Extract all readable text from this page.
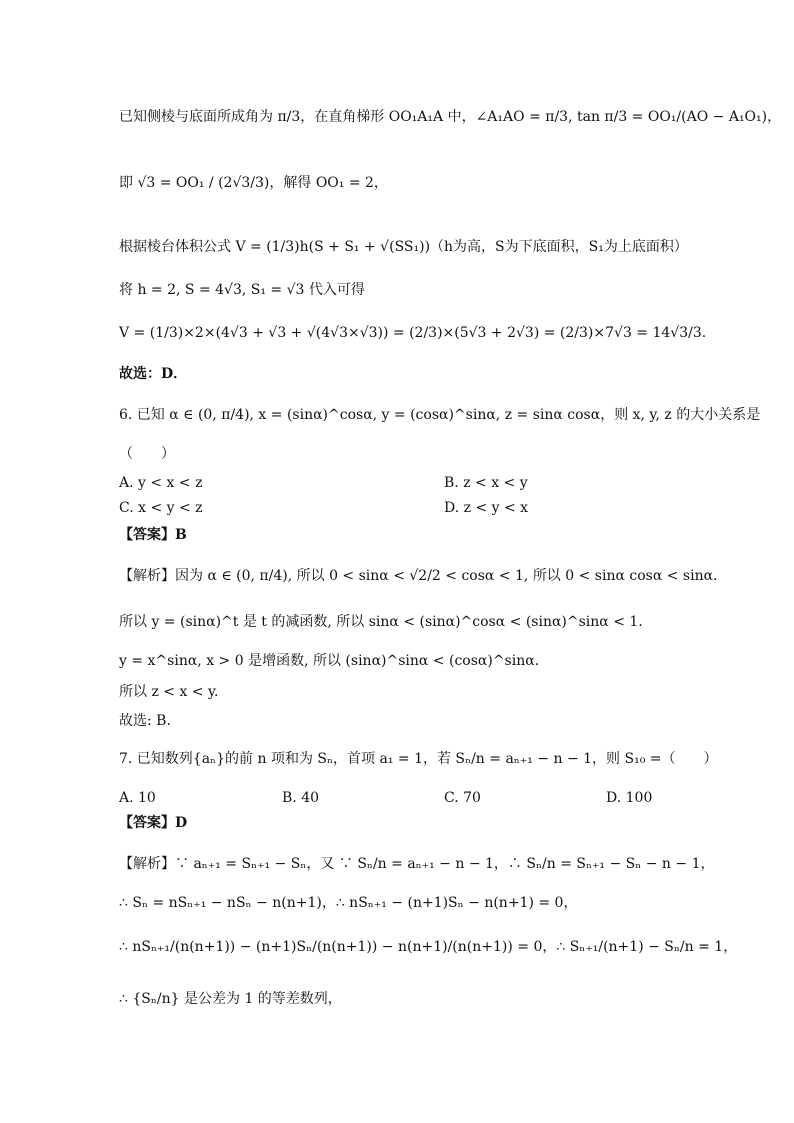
已知侧棱与底面所成角为 π/3，在直角梯形 OO₁A₁A 中，∠A₁AO = π/3, tan π/3 = OO₁/(AO − A₁O₁)，
即 √3 = OO₁ / (2√3/3)，解得 OO₁ = 2，
根据棱台体积公式 V = (1/3)h(S + S₁ + √(SS₁))（h为高，S为下底面积，S₁为上底面积）
将 h = 2, S = 4√3, S₁ = √3 代入可得
V = (1/3)×2×(4√3 + √3 + √(4√3×√3)) = (2/3)×(5√3 + 2√3) = (2/3)×7√3 = 14√3/3.
故选：D．
6. 已知 α ∈ (0, π/4), x = (sinα)^cosα, y = (cosα)^sinα, z = sinα cosα，则 x, y, z 的大小关系是
（　　）
A. y < x < z	B. z < x < y
C. x < y < z	D. z < y < x
【答案】B
【解析】因为 α ∈ (0, π/4), 所以 0 < sinα < √2/2 < cosα < 1, 所以 0 < sinα cosα < sinα.
所以 y = (sinα)^t 是 t 的减函数, 所以 sinα < (sinα)^cosα < (sinα)^sinα < 1.
y = x^sinα, x > 0 是增函数, 所以 (sinα)^sinα < (cosα)^sinα.
所以 z < x < y.
故选: B.
7. 已知数列{aₙ}的前 n 项和为 Sₙ，首项 a₁ = 1，若 Sₙ/n = aₙ₊₁ − n − 1，则 S₁₀ =（　　）
A. 10	B. 40	C. 70	D. 100
【答案】D
【解析】∵ aₙ₊₁ = Sₙ₊₁ − Sₙ，又 ∵ Sₙ/n = aₙ₊₁ − n − 1，∴ Sₙ/n = Sₙ₊₁ − Sₙ − n − 1，
∴ Sₙ = nSₙ₊₁ − nSₙ − n(n+1)，∴ nSₙ₊₁ − (n+1)Sₙ − n(n+1) = 0，
∴ nSₙ₊₁/(n(n+1)) − (n+1)Sₙ/(n(n+1)) − n(n+1)/(n(n+1)) = 0，∴ Sₙ₊₁/(n+1) − Sₙ/n = 1，
∴ {Sₙ/n} 是公差为 1 的等差数列，
